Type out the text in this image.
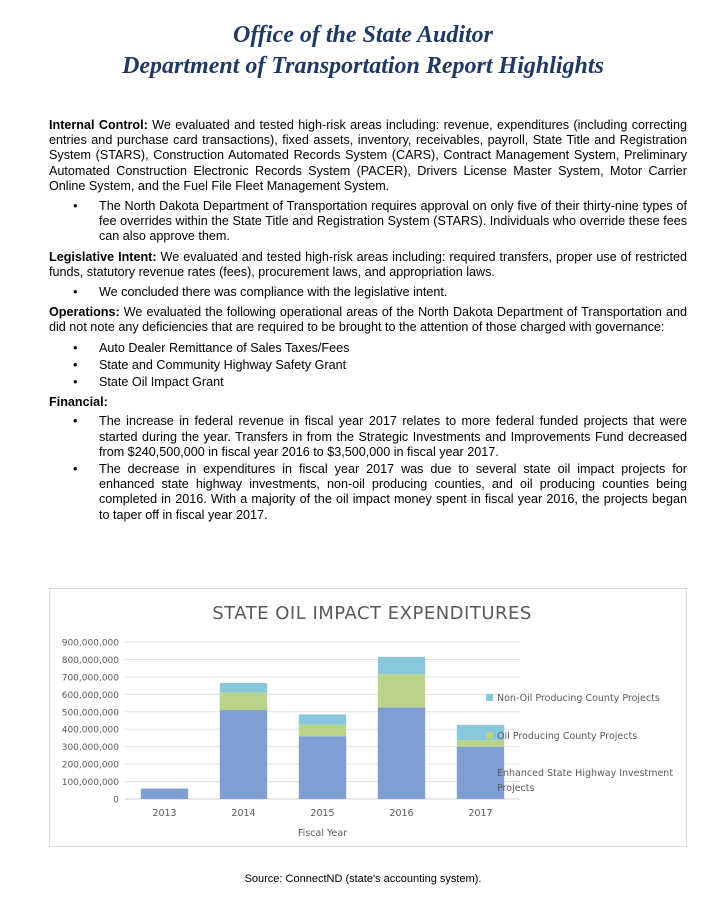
Office of the State Auditor
Department of Transportation Report Highlights

Internal Control: We evaluated and tested high-risk areas including: revenue, expenditures (including correcting entries and purchase card transactions), fixed assets, inventory, receivables, payroll, State Title and Registration System (STARS), Construction Automated Records System (CARS), Contract Management System, Preliminary Automated Construction Electronic Records System (PACER), Drivers License Master System, Motor Carrier Online System, and the Fuel File Fleet Management System.

• The North Dakota Department of Transportation requires approval on only five of their thirty-nine types of fee overrides within the State Title and Registration System (STARS). Individuals who override these fees can also approve them.

Legislative Intent: We evaluated and tested high-risk areas including: required transfers, proper use of restricted funds, statutory revenue rates (fees), procurement laws, and appropriation laws.

• We concluded there was compliance with the legislative intent.

Operations: We evaluated the following operational areas of the North Dakota Department of Transportation and did not note any deficiencies that are required to be brought to the attention of those charged with governance:

• Auto Dealer Remittance of Sales Taxes/Fees
• State and Community Highway Safety Grant
• State Oil Impact Grant

Financial:

• The increase in federal revenue in fiscal year 2017 relates to more federal funded projects that were started during the year. Transfers in from the Strategic Investments and Improvements Fund decreased from $240,500,000 in fiscal year 2016 to $3,500,000 in fiscal year 2017.
• The decrease in expenditures in fiscal year 2017 was due to several state oil impact projects for enhanced state highway investments, non-oil producing counties, and oil producing counties being completed in 2016. With a majority of the oil impact money spent in fiscal year 2016, the projects began to taper off in fiscal year 2017.
STATE OIL IMPACT EXPENDITURES
0
100,000,000
200,000,000
300,000,000
400,000,000
500,000,000
600,000,000
700,000,000
800,000,000
900,000,000
2013	2014	2015	2016	2017
Fiscal Year
Non-Oil Producing County Projects
Oil Producing County Projects
Enhanced State Highway Investment
Projects
Source: ConnectND (state's accounting system).
